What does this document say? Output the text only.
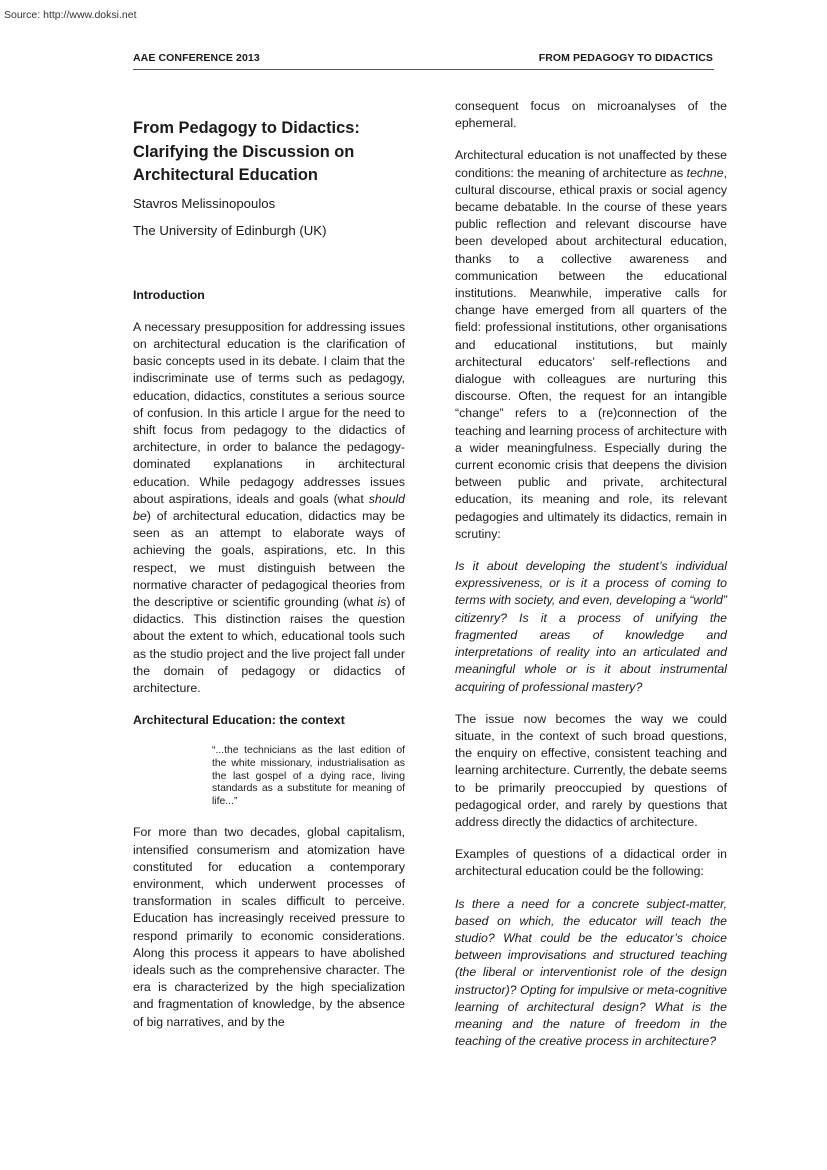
Source: http://www.doksi.net
AAE CONFERENCE 2013	FROM PEDAGOGY TO DIDACTICS
From Pedagogy to Didactics:
Clarifying the Discussion on
Architectural Education
Stavros Melissinopoulos
The University of Edinburgh (UK)
Introduction

A necessary presupposition for addressing issues on architectural education is the clarification of basic concepts used in its debate. I claim that the indiscriminate use of terms such as pedagogy, education, didactics, constitutes a serious source of confusion. In this article I argue for the need to shift focus from pedagogy to the didactics of architecture, in order to balance the pedagogy-dominated explanations in architectural education. While pedagogy addresses issues about aspirations, ideals and goals (what should be) of architectural education, didactics may be seen as an attempt to elaborate ways of achieving the goals, aspirations, etc. In this respect, we must distinguish between the normative character of pedagogical theories from the descriptive or scientific grounding (what is) of didactics. This distinction raises the question about the extent to which, educational tools such as the studio project and the live project fall under the domain of pedagogy or didactics of architecture.

Architectural Education: the context
“...the technicians as the last edition of the white missionary, industrialisation as the last gospel of a dying race, living standards as a substitute for meaning of life...”

For more than two decades, global capitalism, intensified consumerism and atomization have constituted for education a contemporary environment, which underwent processes of transformation in scales difficult to perceive. Education has increasingly received pressure to respond primarily to economic considerations. Along this process it appears to have abolished ideals such as the comprehensive character. The era is characterized by the high specialization and fragmentation of knowledge, by the absence of big narratives, and by the

consequent focus on microanalyses of the ephemeral.

Architectural education is not unaffected by these conditions: the meaning of architecture as techne, cultural discourse, ethical praxis or social agency became debatable. In the course of these years public reflection and relevant discourse have been developed about architectural education, thanks to a collective awareness and communication between the educational institutions. Meanwhile, imperative calls for change have emerged from all quarters of the field: professional institutions, other organisations and educational institutions, but mainly architectural educators’ self-reflections and dialogue with colleagues are nurturing this discourse. Often, the request for an intangible “change” refers to a (re)connection of the teaching and learning process of architecture with a wider meaningfulness. Especially during the current economic crisis that deepens the division between public and private, architectural education, its meaning and role, its relevant pedagogies and ultimately its didactics, remain in scrutiny:

Is it about developing the student’s individual expressiveness, or is it a process of coming to terms with society, and even, developing a “world” citizenry? Is it a process of unifying the fragmented areas of knowledge and interpretations of reality into an articulated and meaningful whole or is it about instrumental acquiring of professional mastery?

The issue now becomes the way we could situate, in the context of such broad questions, the enquiry on effective, consistent teaching and learning architecture. Currently, the debate seems to be primarily preoccupied by questions of pedagogical order, and rarely by questions that address directly the didactics of architecture.

Examples of questions of a didactical order in architectural education could be the following:

Is there a need for a concrete subject-matter, based on which, the educator will teach the studio? What could be the educator’s choice between improvisations and structured teaching (the liberal or interventionist role of the design instructor)? Opting for impulsive or meta-cognitive learning of architectural design? What is the meaning and the nature of freedom in the teaching of the creative process in architecture?
